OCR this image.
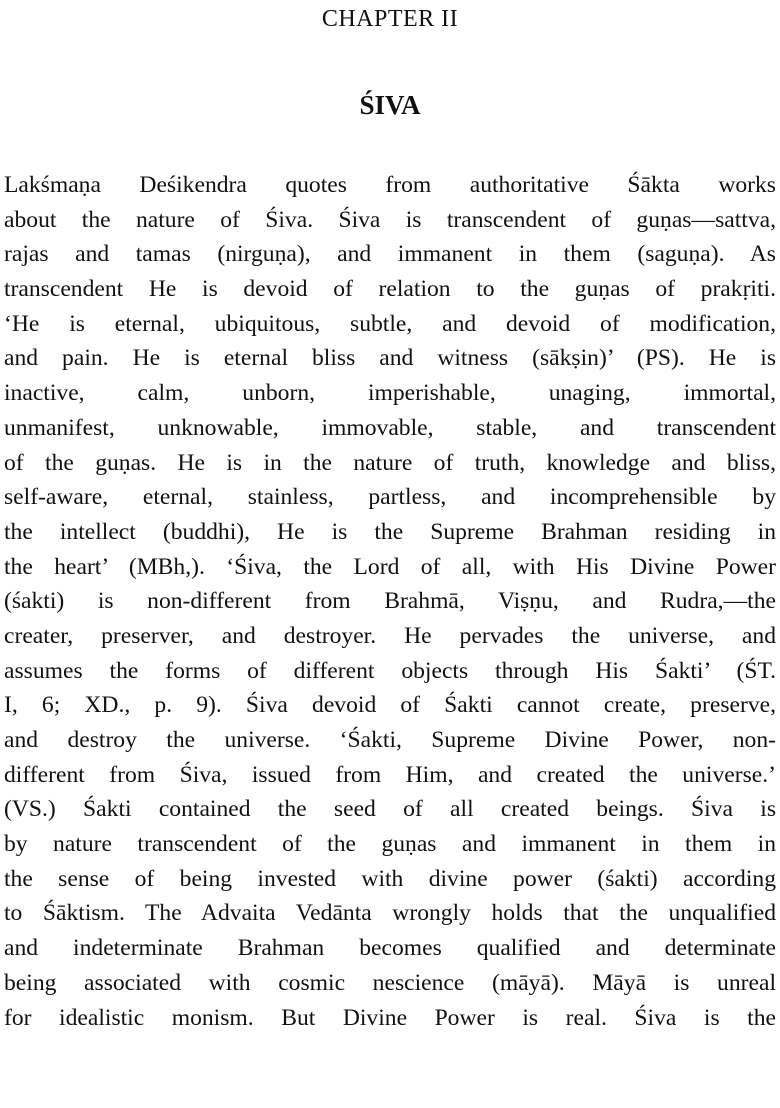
CHAPTER II
ŚIVA
Lakśmaṇa Deśikendra quotes from authoritative Śākta works
about the nature of Śiva. Śiva is transcendent of guṇas—sattva,
rajas and tamas (nirguṇa), and immanent in them (saguṇa). As
transcendent He is devoid of relation to the guṇas of prakṛiti.
‘He is eternal, ubiquitous, subtle, and devoid of modification,
and pain. He is eternal bliss and witness (sākṣin)’ (PS). He is
inactive, calm, unborn, imperishable, unaging, immortal,
unmanifest, unknowable, immovable, stable, and transcendent
of the guṇas. He is in the nature of truth, knowledge and bliss,
self-aware, eternal, stainless, partless, and incomprehensible by
the intellect (buddhi), He is the Supreme Brahman residing in
the heart’ (MBh,). ‘Śiva, the Lord of all, with His Divine Power
(śakti) is non-different from Brahmā, Viṣṇu, and Rudra,—the
creater, preserver, and destroyer. He pervades the universe, and
assumes the forms of different objects through His Śakti’ (ŚT.
I, 6; XD., p. 9). Śiva devoid of Śakti cannot create, preserve,
and destroy the universe. ‘Śakti, Supreme Divine Power, non-
different from Śiva, issued from Him, and created the universe.’
(VS.) Śakti contained the seed of all created beings. Śiva is
by nature transcendent of the guṇas and immanent in them in
the sense of being invested with divine power (śakti) according
to Śāktism. The Advaita Vedānta wrongly holds that the unqualified
and indeterminate Brahman becomes qualified and determinate
being associated with cosmic nescience (māyā). Māyā is unreal
for idealistic monism. But Divine Power is real. Śiva is the
